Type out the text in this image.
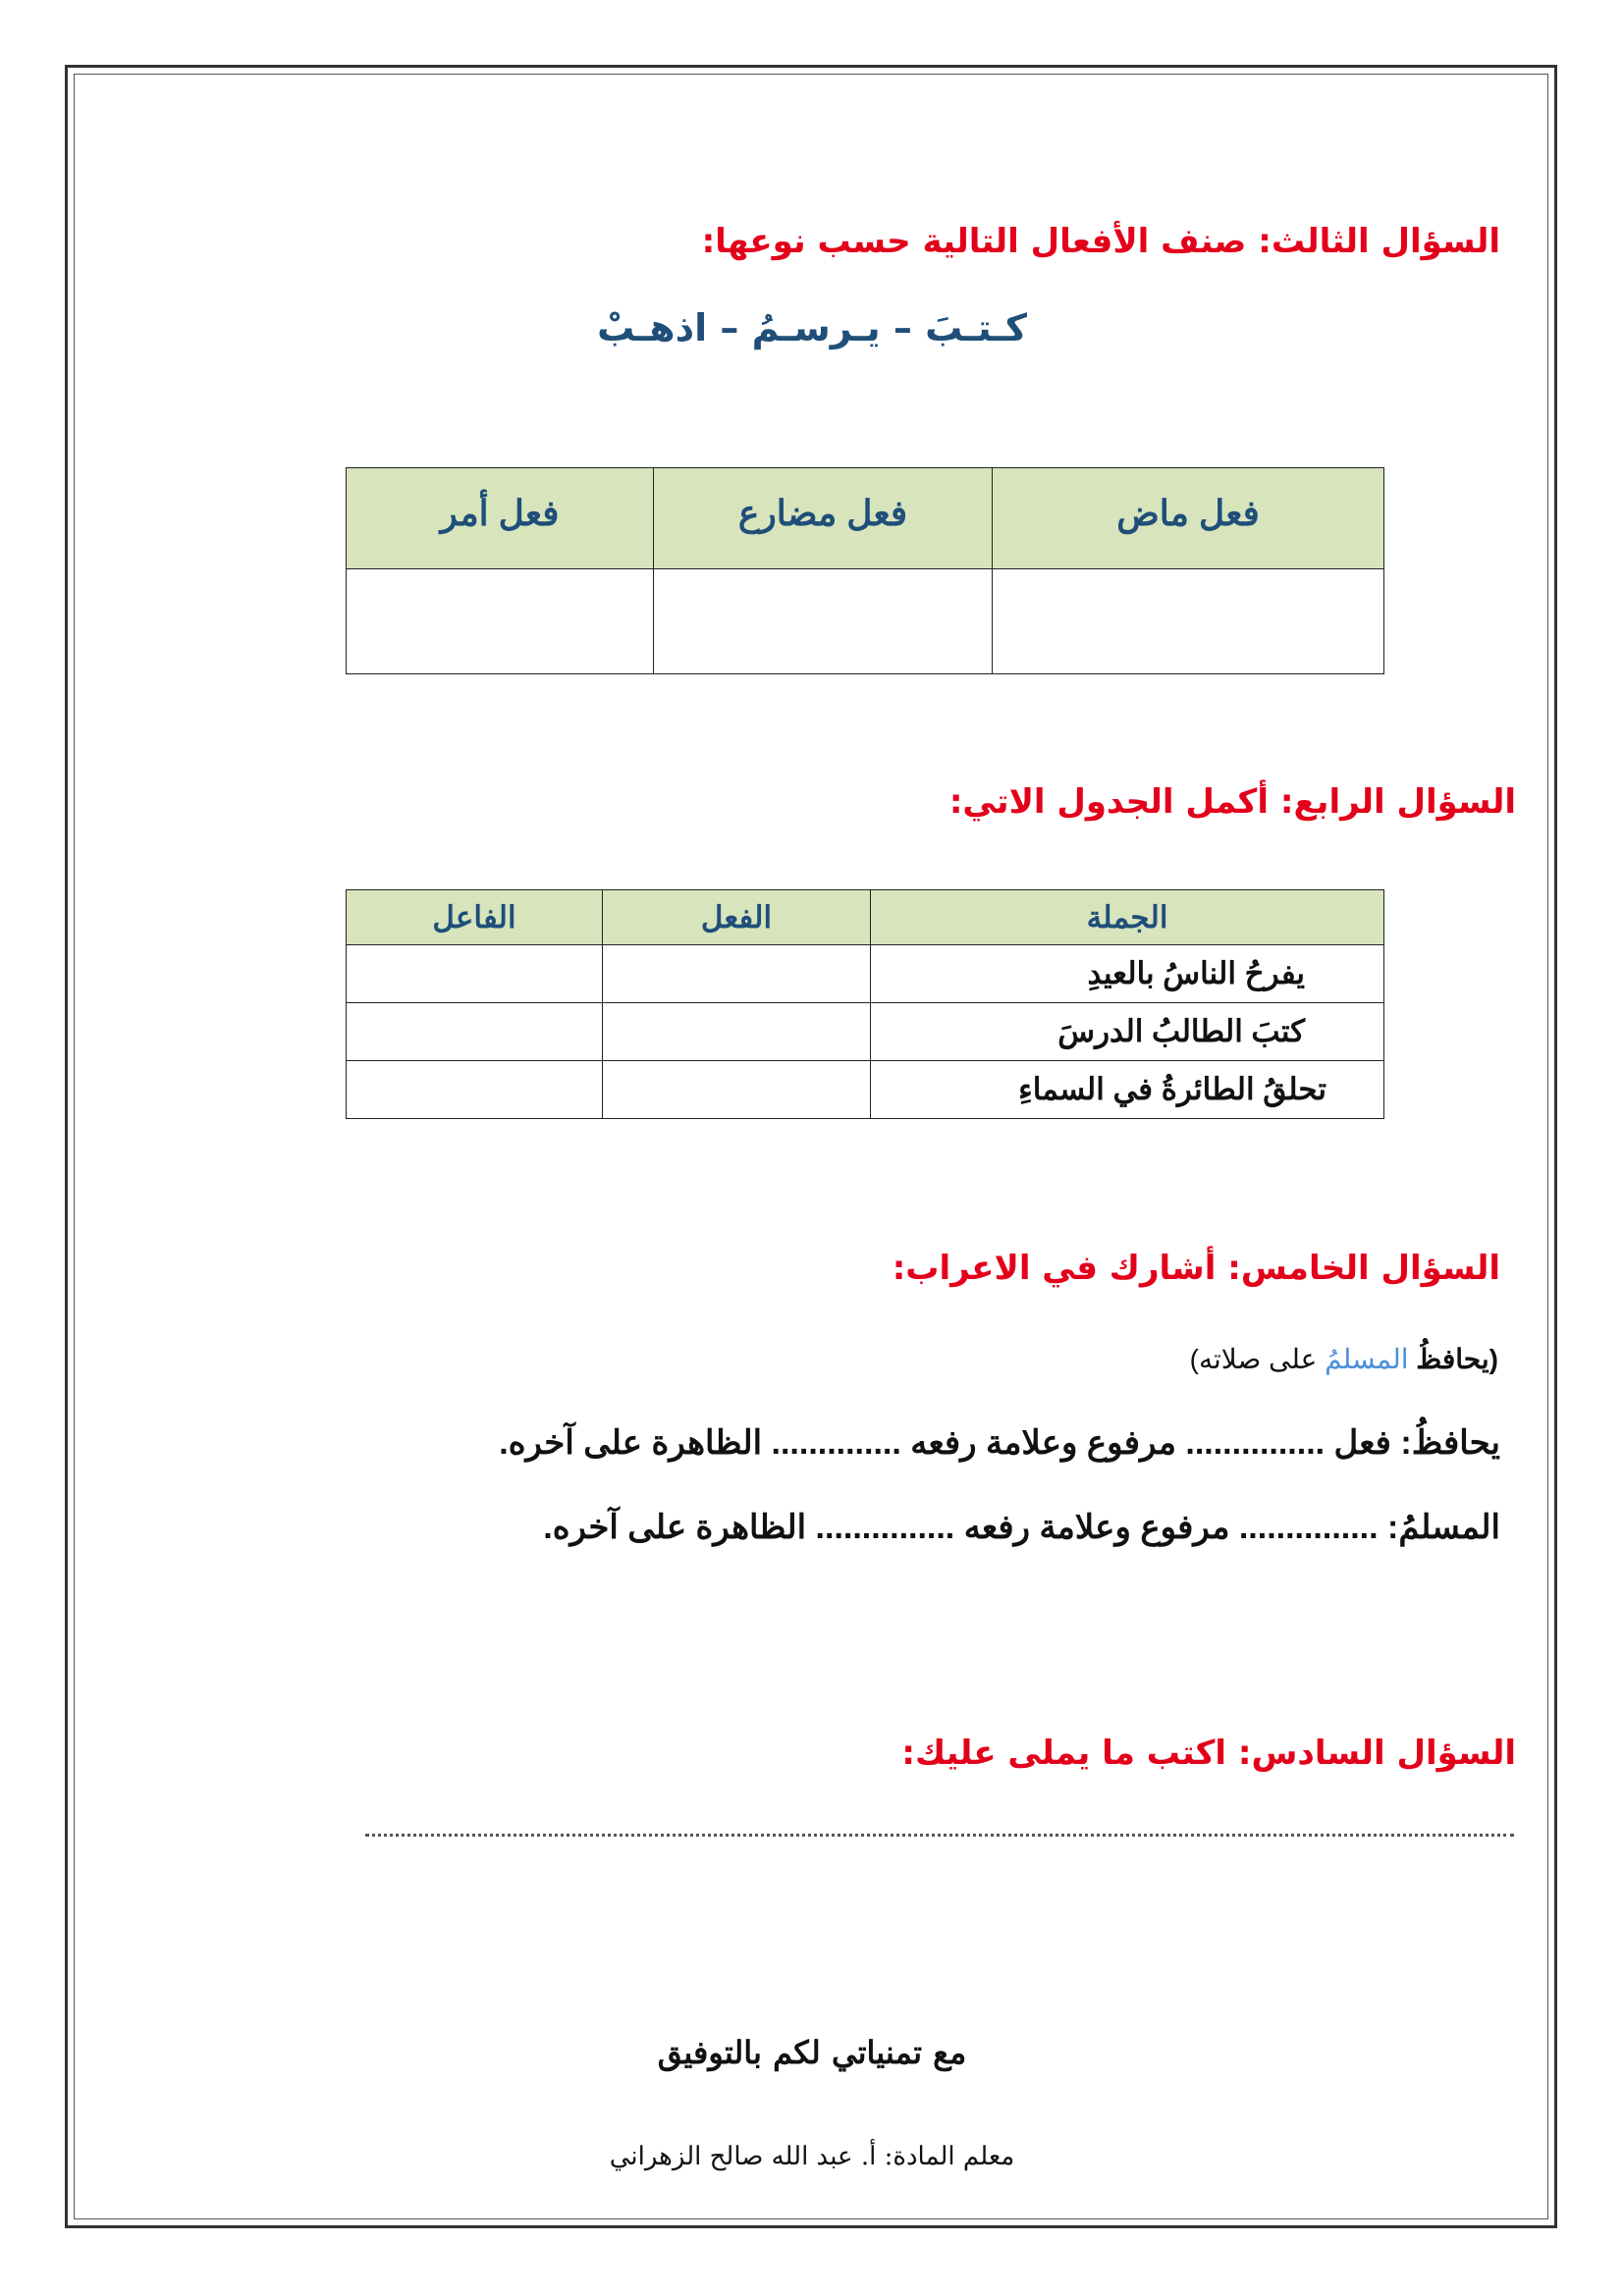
السؤال الثالث: صنف الأفعال التالية حسب نوعها:
كـتـبَ – يـرسـمُ – اذهـبْ
فعل ماض	فعل مضارع	فعل أمر

السؤال الرابع: أكمل الجدول الاتي:
الجملة	الفعل	الفاعل
يفرحُ الناسُ بالعيدِ		
كتبَ الطالبُ الدرسَ		
تحلقُ الطائرةُ في السماءِ		
السؤال الخامس: أشارك في الاعراب:
(يحافظُ المسلمُ على صلاته)
يحافظُ: فعل ............... مرفوع وعلامة رفعه .............. الظاهرة على آخره.
المسلمُ: ............... مرفوع وعلامة رفعه ............... الظاهرة على آخره.
السؤال السادس: اكتب ما يملى عليك:
مع تمنياتي لكم بالتوفيق
معلم المادة: أ. عبد الله صالح الزهراني
